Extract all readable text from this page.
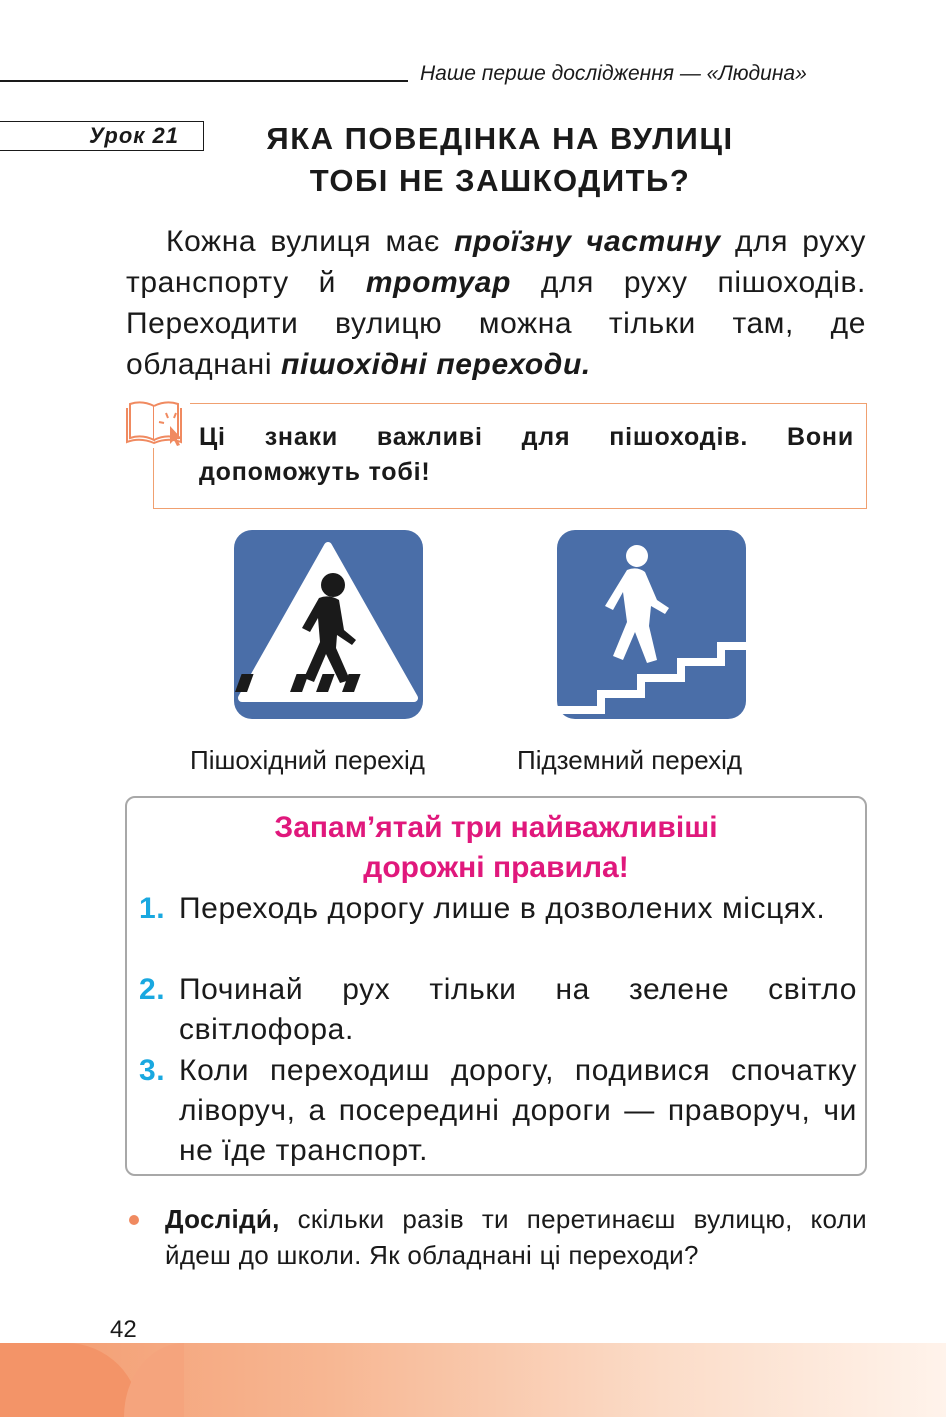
Наше перше дослідження — «Людина»
Урок 21	ЯКА ПОВЕДІНКА НА ВУЛИЦІ
ТОБІ НЕ ЗАШКОДИТЬ?

Кожна вулиця має проїзну частину для руху транспорту й тротуар для руху пішоходів. Переходити вулицю можна тільки там, де обладнані пішохідні переходи.

Ці знаки важливі для пішоходів. Вони допоможуть тобі!
Пішохідний перехід	Підземний перехід
Запам’ятай три найважливіші
дорожні правила!
1. Переходь дорогу лише в дозволених місцях.
2. Починай рух тільки на зелене світло світлофора.
3. Коли переходиш дорогу, подивися спочатку ліворуч, а посередині дороги — праворуч, чи не їде транспорт.
Досліди́, скільки разів ти перетинаєш вулицю, коли йдеш до школи. Як обладнані ці переходи?
42
